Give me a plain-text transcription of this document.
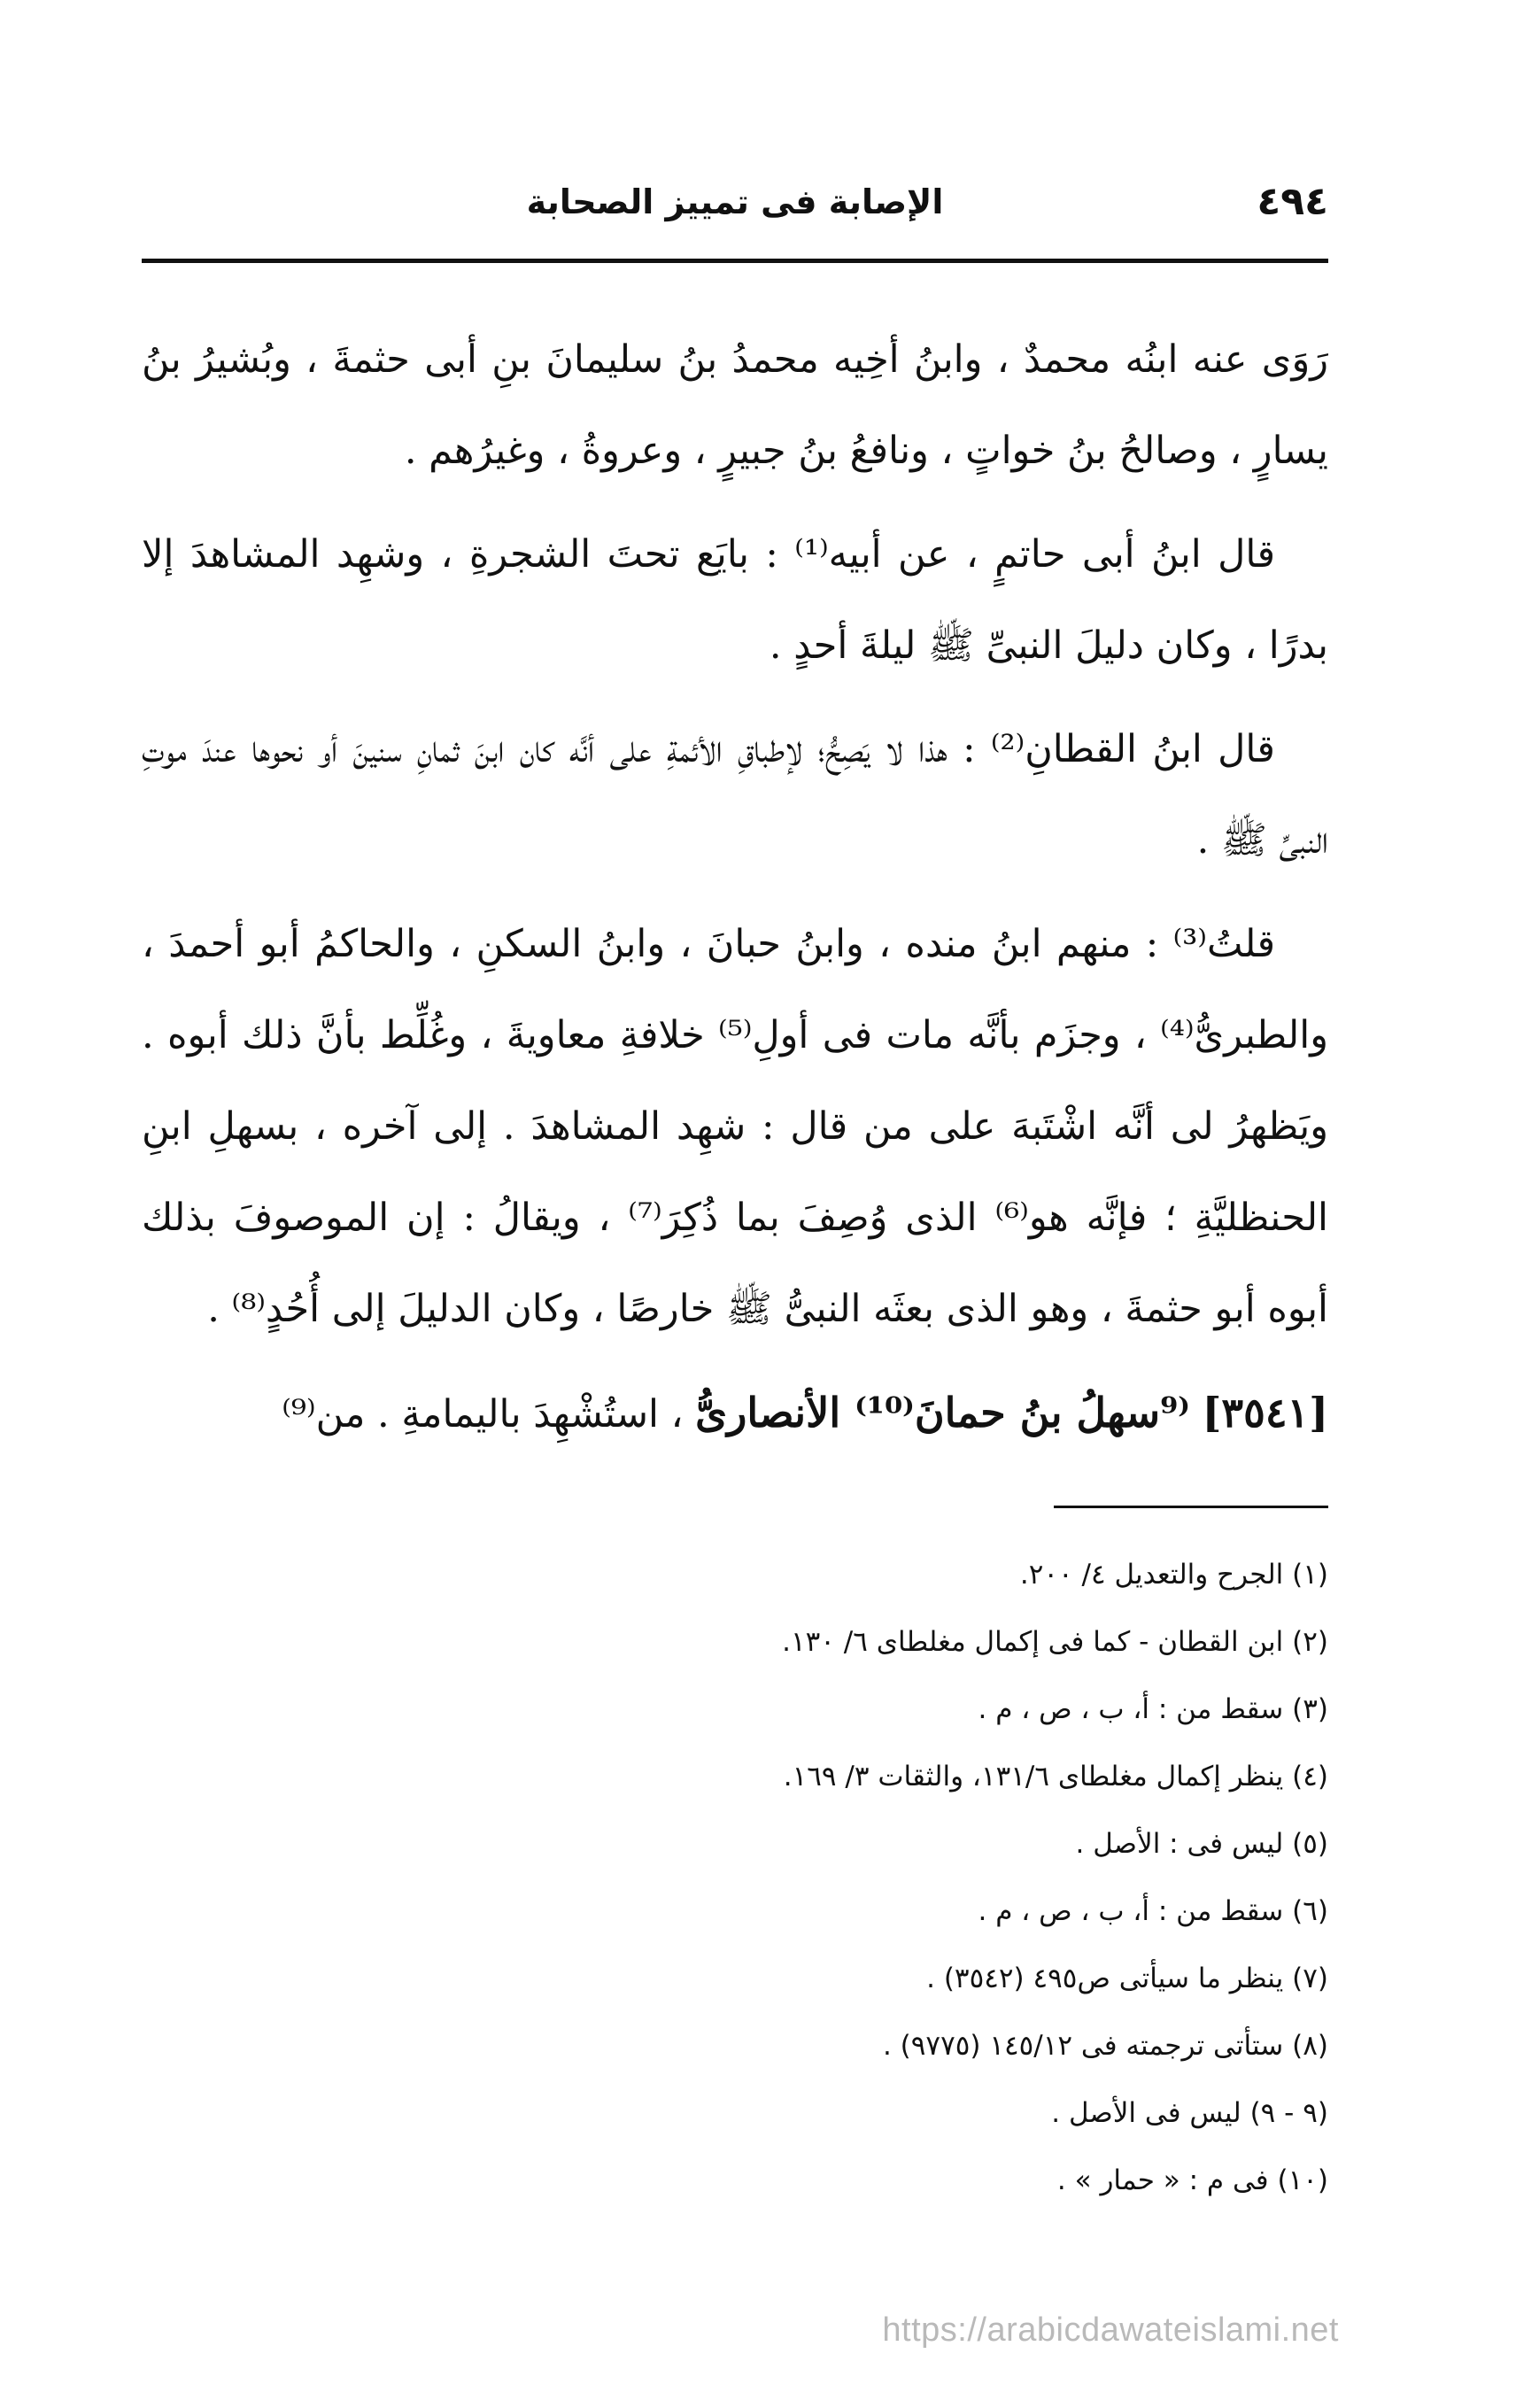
الإصابة فى تمييز الصحابة	٤٩٤

رَوَى عنه ابنُه محمدٌ ، وابنُ أخِيه محمدُ بنُ سليمانَ بنِ أبى حثمةَ ، وبُشيرُ بنُ يسارٍ ، وصالحُ بنُ خواتٍ ، ونافعُ بنُ جبيرٍ ، وعروةُ ، وغيرُهم .

قال ابنُ أبى حاتمٍ ، عن أبيه⁽¹⁾ : بايَع تحتَ الشجرةِ ، وشهِد المشاهدَ إلا بدرًا ، وكان دليلَ النبىِّ ﷺ ليلةَ أحدٍ .

قال ابنُ القطانِ⁽²⁾ : هذا لا يَصِحُّ؛ لإطباقِ الأئمةِ على أنَّه كان ابنَ ثمانِ سنينَ أو نحوها عندَ موتِ النبىِّ ﷺ .

قلتُ⁽³⁾ : منهم ابنُ منده ، وابنُ حبانَ ، وابنُ السكنِ ، والحاكمُ أبو أحمدَ ، والطبرىُّ⁽⁴⁾ ، وجزَم بأنَّه مات فى أولِ⁽⁵⁾ خلافةِ معاويةَ ، وغُلِّط بأنَّ ذلك أبوه . ويَظهرُ لى أنَّه اشْتَبهَ على من قال : شهِد المشاهدَ . إلى آخره ، بسهلِ ابنِ الحنظليَّةِ ؛ فإنَّه هو⁽⁶⁾ الذى وُصِفَ بما ذُكِرَ⁽⁷⁾ ، ويقالُ : إن الموصوفَ بذلك أبوه أبو حثمةَ ، وهو الذى بعثَه النبىُّ ﷺ خارصًا ، وكان الدليلَ إلى أُحُدٍ⁽⁸⁾ .

[٣٥٤١] ⁽⁹سهلُ بنُ حمانَ⁽¹⁰⁾ الأنصارىُّ ، استُشْهِدَ باليمامةِ . من⁽⁹⁾

(١) الجرح والتعديل ٤/ ٢٠٠.

(٢) ابن القطان - كما فى إكمال مغلطاى ٦/ ١٣٠.

(٣) سقط من : أ، ب ، ص ، م .

(٤) ينظر إكمال مغلطاى ١٣١/٦، والثقات ٣/ ١٦٩.

(٥) ليس فى : الأصل .

(٦) سقط من : أ، ب ، ص ، م .

(٧) ينظر ما سيأتى ص٤٩٥ (٣٥٤٢) .

(٨) ستأتى ترجمته فى ١٤٥/١٢ (٩٧٧٥) .

(٩ - ٩) ليس فى الأصل .

(١٠) فى م : « حمار » .

https://arabicdawateislami.net
